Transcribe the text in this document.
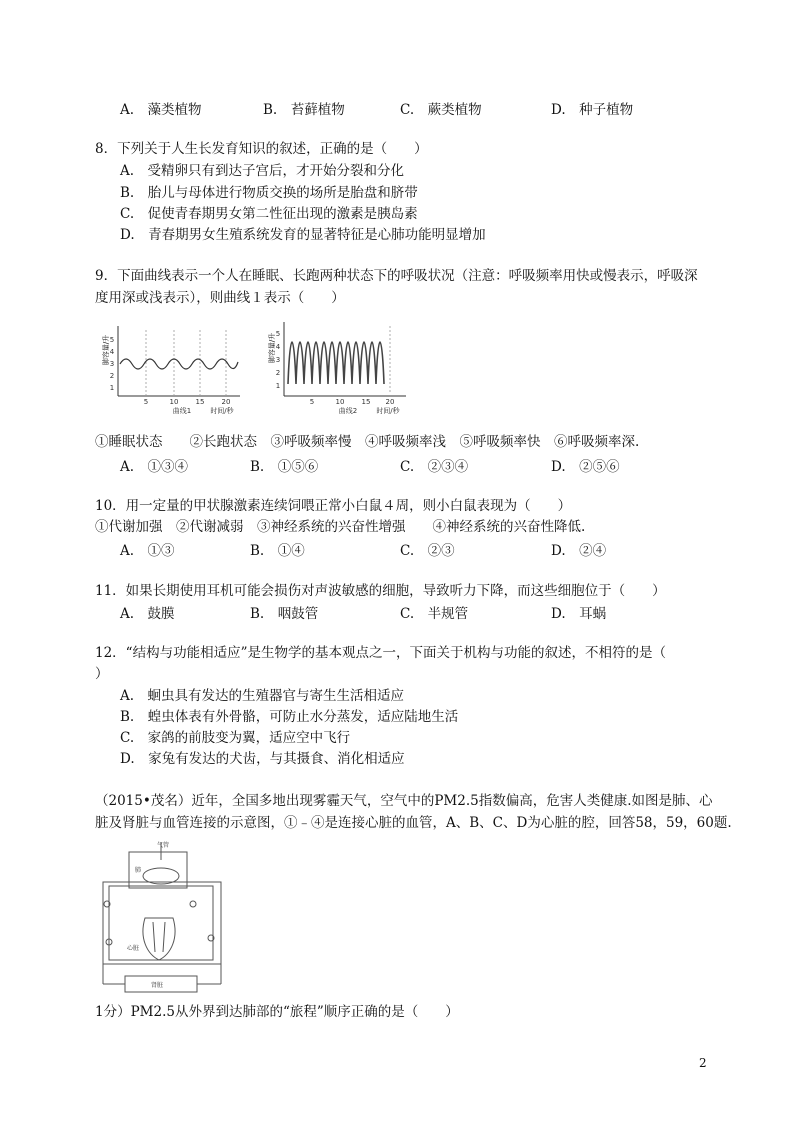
A.　藻类植物	B.　苔藓植物	C.　蕨类植物	D.　种子植物
8．下列关于人生长发育知识的叙述，正确的是（　　）
A.　受精卵只有到达子宫后，才开始分裂和分化
B.　胎儿与母体进行物质交换的场所是胎盘和脐带
C.　促使青春期男女第二性征出现的激素是胰岛素
D.　青春期男女生殖系统发育的显著特征是心肺功能明显增加
9．下面曲线表示一个人在睡眠、长跑两种状态下的呼吸状况（注意：呼吸频率用快或慢表示，呼吸深
度用深或浅表示），则曲线１表示（　　）
肺容量/升
1
2
3
4
5
5	10 15 20
曲线1	时间/秒
肺容量/升
1
2
3
4
5
5	10 15 20
曲线2	时间/秒
①睡眠状态　　②长跑状态　③呼吸频率慢　④呼吸频率浅　⑤呼吸频率快　⑥呼吸频率深.
A.　①③④	B.　①⑤⑥	C.　②③④	D.　②⑤⑥
10．用一定量的甲状腺激素连续饲喂正常小白鼠４周，则小白鼠表现为（　　）
①代谢加强　②代谢减弱　③神经系统的兴奋性增强　　④神经系统的兴奋性降低.
A.　①③	B.　①④	C.　②③	D.　②④
11．如果长期使用耳机可能会损伤对声波敏感的细胞，导致听力下降，而这些细胞位于（　　）
A.　鼓膜	B.　咽鼓管	C.　半规管	D.　耳蜗
12．“结构与功能相适应”是生物学的基本观点之一，下面关于机构与功能的叙述，不相符的是（
）
A.　蛔虫具有发达的生殖器官与寄生生活相适应
B.　蝗虫体表有外骨骼，可防止水分蒸发，适应陆地生活
C.　家鸽的前肢变为翼，适应空中飞行
D.　家兔有发达的犬齿，与其摄食、消化相适应
（2015•茂名）近年，全国多地出现雾霾天气，空气中的PM2.5指数偏高，危害人类健康.如图是肺、心
脏及肾脏与血管连接的示意图，①﹣④是连接心脏的血管，A、B、C、D为心脏的腔，回答58，59，60题.
气管
肺
心脏
肾脏
1分）PM2.5从外界到达肺部的“旅程”顺序正确的是（　　）
2
